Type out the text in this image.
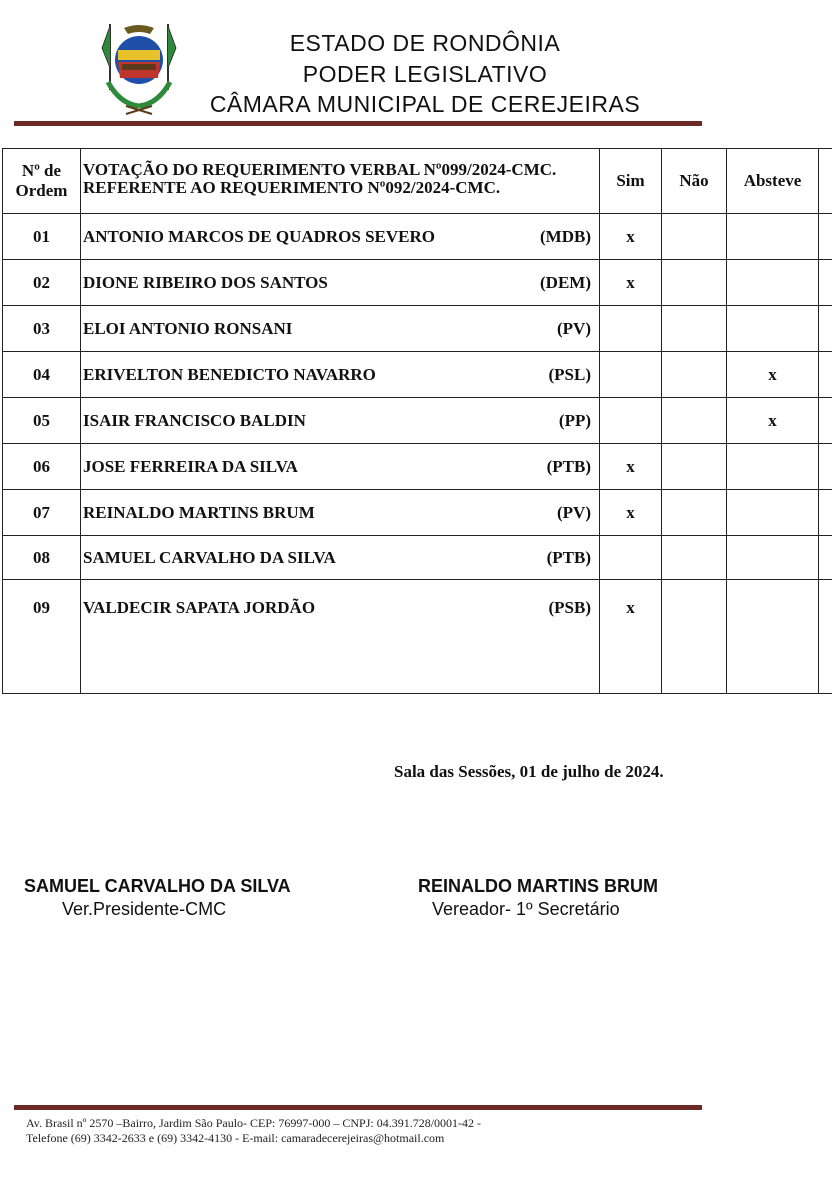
ESTADO DE RONDÔNIA
PODER LEGISLATIVO
CÂMARA MUNICIPAL DE CEREJEIRAS
Nº de Ordem	VOTAÇÃO DO REQUERIMENTO VERBAL Nº099/2024-CMC.
REFERENTE AO REQUERIMENTO Nº092/2024-CMC.	Sim	Não	Absteve	
01	ANTONIO MARCOS DE QUADROS SEVERO (MDB)	x			
02	DIONE RIBEIRO DOS SANTOS (DEM)	x			
03	ELOI ANTONIO RONSANI (PV)				

04	ERIVELTON BENEDICTO NAVARRO (PSL)			x	
05	ISAIR FRANCISCO BALDIN (PP)			x	
06	JOSE FERREIRA DA SILVA (PTB)	x			
07	REINALDO MARTINS BRUM (PV)	x			
08	SAMUEL CARVALHO DA SILVA (PTB)				

09	VALDECIR SAPATA JORDÃO (PSB)	x			
Sala das Sessões, 01 de julho de 2024.
SAMUEL CARVALHO DA SILVA
Ver.Presidente-CMC
REINALDO MARTINS BRUM
Vereador- 1º Secretário
Av. Brasil nº 2570 –Bairro, Jardim São Paulo- CEP: 76997-000 – CNPJ: 04.391.728/0001-42 -
Telefone (69) 3342-2633 e (69) 3342-4130 - E-mail: camaradecerejeiras@hotmail.com
